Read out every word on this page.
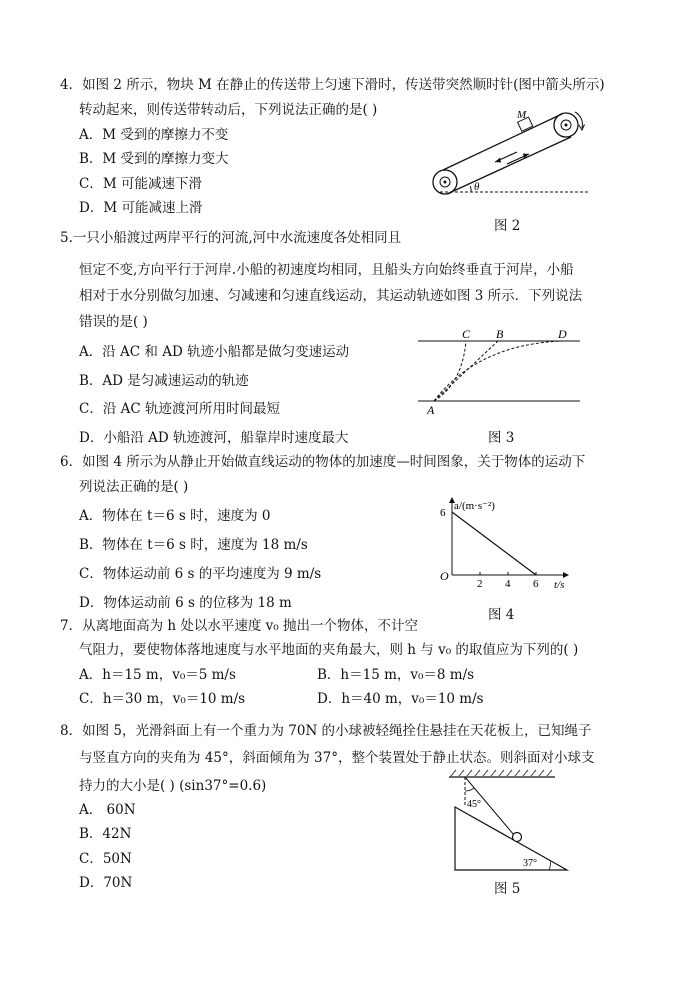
4．如图 2 所示，物块 M 在静止的传送带上匀速下滑时，传送带突然顺时针(图中箭头所示)
转动起来，则传送带转动后，下列说法正确的是( )
A．M 受到的摩擦力不变
B．M 受到的摩擦力变大
C．M 可能减速下滑
D．M 可能减速上滑
M
θ
图 2
5.一只小船渡过两岸平行的河流,河中水流速度各处相同且
恒定不变,方向平行于河岸.小船的初速度均相同，且船头方向始终垂直于河岸，小船
相对于水分别做匀加速、匀减速和匀速直线运动，其运动轨迹如图 3 所示．下列说法
错误的是( )
A．沿 AC 和 AD 轨迹小船都是做匀变速运动
B．AD 是匀减速运动的轨迹
C．沿 AC 轨迹渡河所用时间最短
D．小船沿 AD 轨迹渡河，船靠岸时速度最大
C B	D
A
图 3
6．如图 4 所示为从静止开始做直线运动的物体的加速度—时间图象，关于物体的运动下
列说法正确的是( )
A．物体在 t＝6 s 时，速度为 0
B．物体在 t＝6 s 时，速度为 18 m/s
C．物体运动前 6 s 的平均速度为 9 m/s
D．物体运动前 6 s 的位移为 18 m
2 4 6
6
a/(m·s⁻²)
t/s
O
图 4
7．从离地面高为 h 处以水平速度 v₀ 抛出一个物体，不计空
气阻力，要使物体落地速度与水平地面的夹角最大，则 h 与 v₀ 的取值应为下列的( )
A．h＝15 m，v₀＝5 m/s	B．h＝15 m，v₀＝8 m/s
C．h＝30 m，v₀＝10 m/s	D．h＝40 m，v₀＝10 m/s
8．如图 5，光滑斜面上有一个重力为 70N 的小球被轻绳拴住悬挂在天花板上，已知绳子
与竖直方向的夹角为 45°，斜面倾角为 37°，整个装置处于静止状态。则斜面对小球支
持力的大小是( ) (sin37°=0.6)
A． 60N
B．42N
C．50N
D．70N
45°
37°
图 5
